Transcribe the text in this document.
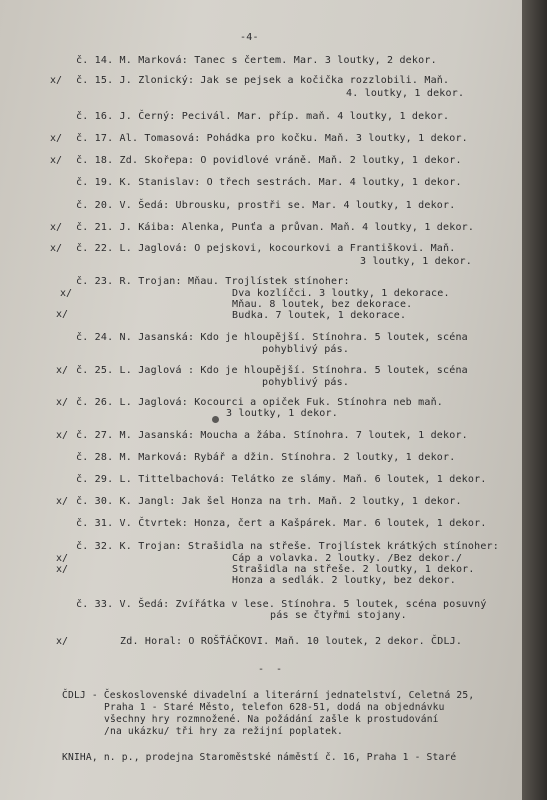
-4-
č. 14. M. Marková: Tanec s čertem. Mar. 3 loutky, 2 dekor.
x/ č. 15. J. Zlonický: Jak se pejsek a kočička rozzlobili. Maň.
4. loutky, 1 dekor.
č. 16. J. Černý: Pecivál. Mar. příp. maň. 4 loutky, 1 dekor.
x/ č. 17. Al. Tomasová: Pohádka pro kočku. Maň. 3 loutky, 1 dekor.
x/ č. 18. Zd. Skořepa: O povidlové vráně. Maň. 2 loutky, 1 dekor.
č. 19. K. Stanislav: O třech sestrách. Mar. 4 loutky, 1 dekor.
č. 20. V. Šedá: Ubrousku, prostři se. Mar. 4 loutky, 1 dekor.
x/ č. 21. J. Káiba: Alenka, Punťa a průvan. Maň. 4 loutky, 1 dekor.
x/ č. 22. L. Jaglová: O pejskovi, kocourkovi a Františkovi. Maň.
3 loutky, 1 dekor.
č. 23. R. Trojan: Mňau. Trojlístek stínoher:
x/	Dva kozlíčci. 3 loutky, 1 dekorace.
Mňau. 8 loutek, bez dekorace.
x/	Budka. 7 loutek, 1 dekorace.
č. 24. N. Jasanská: Kdo je hloupější. Stínohra. 5 loutek, scéna
pohyblivý pás.
x/ č. 25. L. Jaglová : Kdo je hloupější. Stínohra. 5 loutek, scéna
pohyblivý pás.
x/ č. 26. L. Jaglová: Kocourci a opiček Fuk. Stínohra neb maň.
3 loutky, 1 dekor.
x/ č. 27. M. Jasanská: Moucha a žába. Stínohra. 7 loutek, 1 dekor.
č. 28. M. Marková: Rybář a džin. Stínohra. 2 loutky, 1 dekor.
č. 29. L. Tittelbachová: Telátko ze slámy. Maň. 6 loutek, 1 dekor.
x/ č. 30. K. Jangl: Jak šel Honza na trh. Maň. 2 loutky, 1 dekor.
č. 31. V. Čtvrtek: Honza, čert a Kašpárek. Mar. 6 loutek, 1 dekor.
č. 32. K. Trojan: Strašidla na střeše. Trojlístek krátkých stínoher:
x/	Cáp a volavka. 2 loutky. /Bez dekor./
x/	Strašidla na střeše. 2 loutky, 1 dekor.
Honza a sedlák. 2 loutky, bez dekor.
č. 33. V. Šedá: Zvířátka v lese. Stínohra. 5 loutek, scéna posuvný
pás se čtyřmi stojany.
x/	Zd. Horal: O ROŠŤÁČKOVI. Maň. 10 loutek, 2 dekor. ČDLJ.
- -
ČDLJ - Československé divadelní a literární jednatelství, Celetná 25,
Praha 1 - Staré Město, telefon 628-51, dodá na objednávku
všechny hry rozmnožené. Na požádání zašle k prostudování
/na ukázku/ tři hry za režijní poplatek.
KNIHA, n. p., prodejna Staroměstské náměstí č. 16, Praha 1 - Staré
